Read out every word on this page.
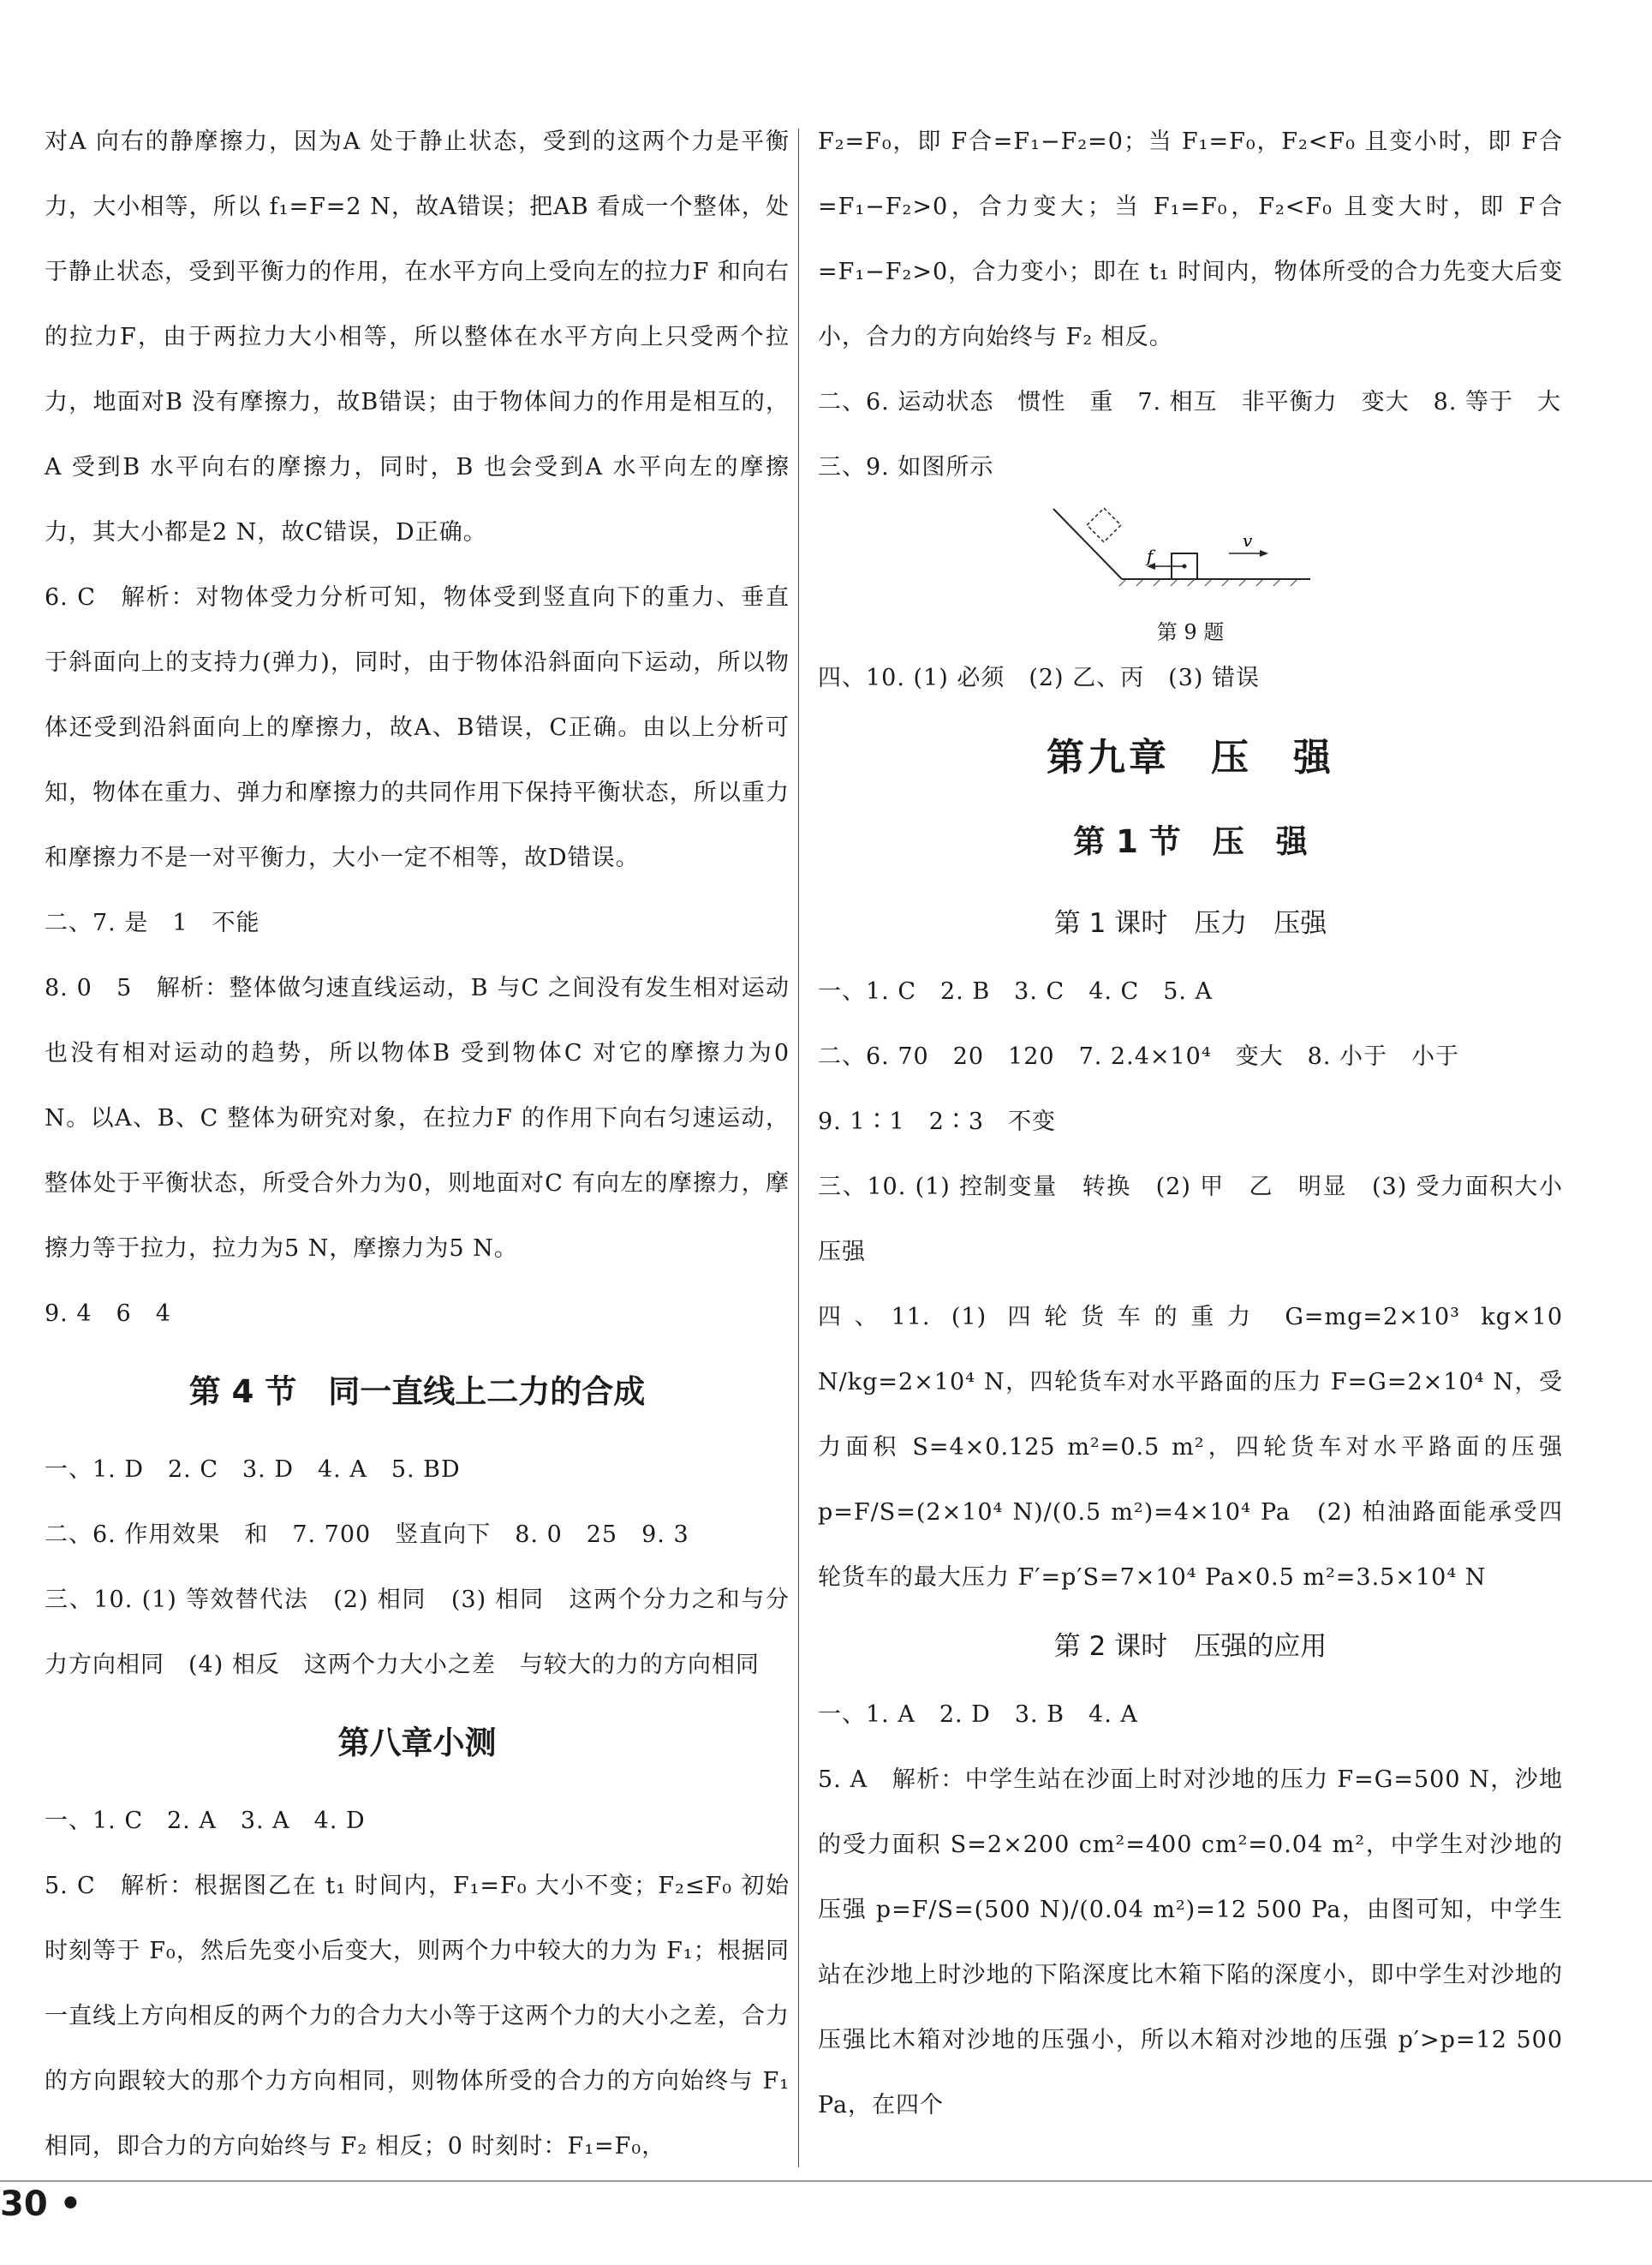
对A 向右的静摩擦力，因为A 处于静止状态，受到的这两个力是平衡力，大小相等，所以 f₁=F=2 N，故A错误；把AB 看成一个整体，处于静止状态，受到平衡力的作用，在水平方向上受向左的拉力F 和向右的拉力F，由于两拉力大小相等，所以整体在水平方向上只受两个拉力，地面对B 没有摩擦力，故B错误；由于物体间力的作用是相互的，A 受到B 水平向右的摩擦力，同时，B 也会受到A 水平向左的摩擦力，其大小都是2 N，故C错误，D正确。

6. C　解析：对物体受力分析可知，物体受到竖直向下的重力、垂直于斜面向上的支持力(弹力)，同时，由于物体沿斜面向下运动，所以物体还受到沿斜面向上的摩擦力，故A、B错误，C正确。由以上分析可知，物体在重力、弹力和摩擦力的共同作用下保持平衡状态，所以重力和摩擦力不是一对平衡力，大小一定不相等，故D错误。

二、7. 是　1　不能

8. 0　5　解析：整体做匀速直线运动，B 与C 之间没有发生相对运动也没有相对运动的趋势，所以物体B 受到物体C 对它的摩擦力为0 N。以A、B、C 整体为研究对象，在拉力F 的作用下向右匀速运动，整体处于平衡状态，所受合外力为0，则地面对C 有向左的摩擦力，摩擦力等于拉力，拉力为5 N，摩擦力为5 N。

9. 4　6　4

第 4 节　同一直线上二力的合成

一、1. D　2. C　3. D　4. A　5. BD

二、6. 作用效果　和　7. 700　竖直向下　8. 0　25　9. 3

三、10. (1) 等效替代法　(2) 相同　(3) 相同　这两个分力之和与分力方向相同　(4) 相反　这两个力大小之差　与较大的力的方向相同

第八章小测

一、1. C　2. A　3. A　4. D

5. C　解析：根据图乙在 t₁ 时间内，F₁=F₀ 大小不变；F₂≤F₀ 初始时刻等于 F₀，然后先变小后变大，则两个力中较大的力为 F₁；根据同一直线上方向相反的两个力的合力大小等于这两个力的大小之差，合力的方向跟较大的那个力方向相同，则物体所受的合力的方向始终与 F₁ 相同，即合力的方向始终与 F₂ 相反；0 时刻时：F₁=F₀，

F₂=F₀，即 F合=F₁−F₂=0；当 F₁=F₀，F₂<F₀ 且变小时，即 F合=F₁−F₂>0，合力变大；当 F₁=F₀，F₂<F₀ 且变大时，即 F合=F₁−F₂>0，合力变小；即在 t₁ 时间内，物体所受的合力先变大后变小，合力的方向始终与 F₂ 相反。

二、6. 运动状态　惯性　重　7. 相互　非平衡力　变大　8. 等于　大

三、9. 如图所示

f
v
第 9 题

四、10. (1) 必须　(2) 乙、丙　(3) 错误

第九章　压　强
第 1 节　压　强
第 1 课时　压力　压强

一、1. C　2. B　3. C　4. C　5. A

二、6. 70　20　120　7. 2.4×10⁴　变大　8. 小于　小于

9. 1∶1　2∶3　不变

三、10. (1) 控制变量　转换　(2) 甲　乙　明显　(3) 受力面积大小　压强

四、11. (1) 四轮货车的重力 G=mg=2×10³ kg×10 N/kg=2×10⁴ N，四轮货车对水平路面的压力 F=G=2×10⁴ N，受力面积 S=4×0.125 m²=0.5 m²，四轮货车对水平路面的压强 p=F/S=(2×10⁴ N)/(0.5 m²)=4×10⁴ Pa　(2) 柏油路面能承受四轮货车的最大压力 F′=p′S=7×10⁴ Pa×0.5 m²=3.5×10⁴ N

第 2 课时　压强的应用

一、1. A　2. D　3. B　4. A

5. A　解析：中学生站在沙面上时对沙地的压力 F=G=500 N，沙地的受力面积 S=2×200 cm²=400 cm²=0.04 m²，中学生对沙地的压强 p=F/S=(500 N)/(0.04 m²)=12 500 Pa，由图可知，中学生站在沙地上时沙地的下陷深度比木箱下陷的深度小，即中学生对沙地的压强比木箱对沙地的压强小，所以木箱对沙地的压强 p′>p=12 500 Pa，在四个

30 •
